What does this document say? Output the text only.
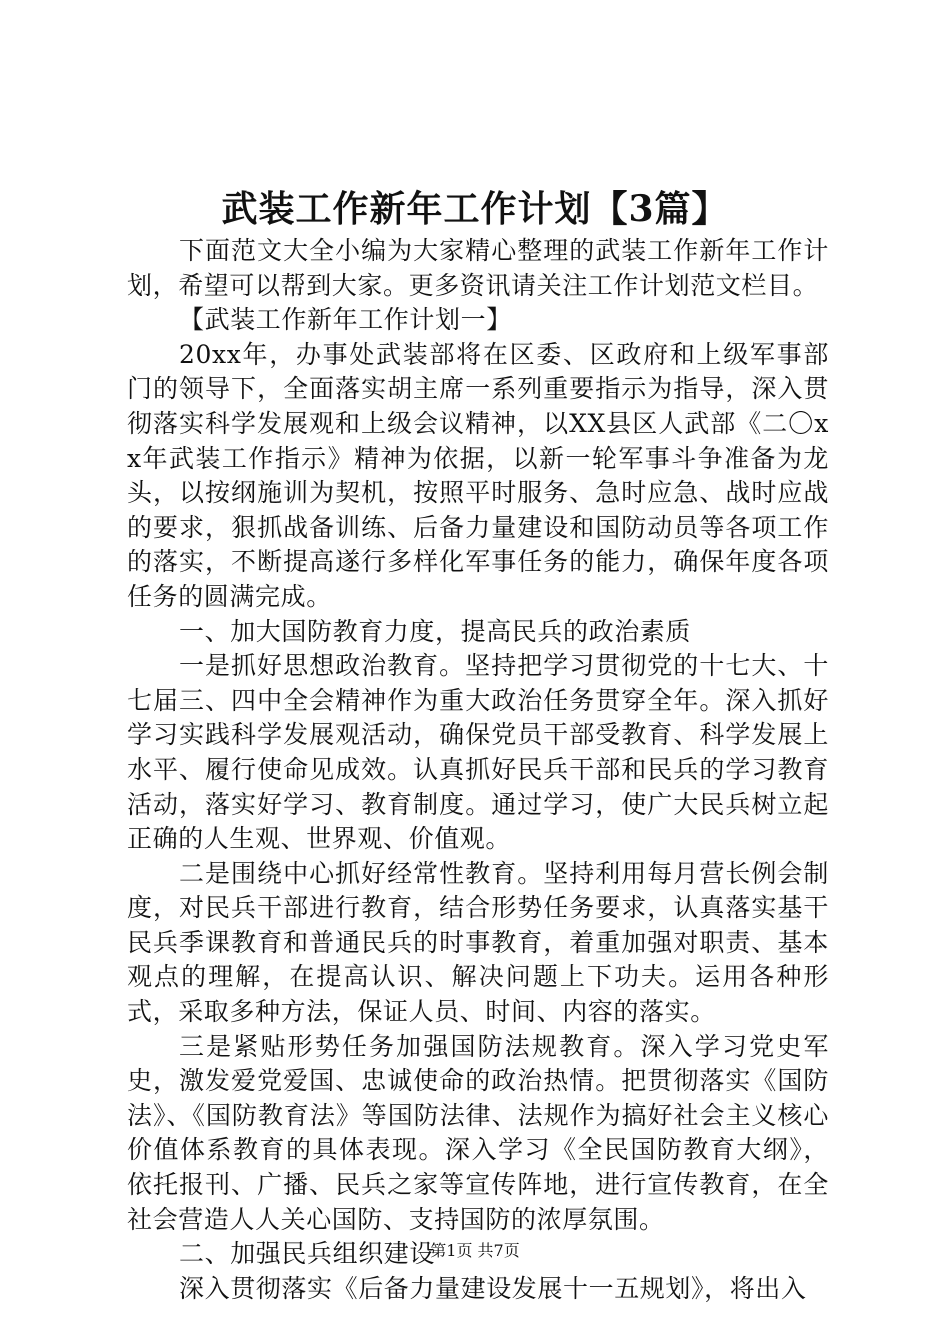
武装工作新年工作计划【3篇】

下面范文大全小编为大家精心整理的武装工作新年工作计划，希望可以帮到大家。更多资讯请关注工作计划范文栏目。

【武装工作新年工作计划一】

20xx年，办事处武装部将在区委、区政府和上级军事部门的领导下，全面落实胡主席一系列重要指示为指导，深入贯彻落实科学发展观和上级会议精神，以XX县区人武部《二〇xx年武装工作指示》精神为依据，以新一轮军事斗争准备为龙头，以按纲施训为契机，按照平时服务、急时应急、战时应战的要求，狠抓战备训练、后备力量建设和国防动员等各项工作的落实，不断提高遂行多样化军事任务的能力，确保年度各项任务的圆满完成。

一、加大国防教育力度，提高民兵的政治素质

一是抓好思想政治教育。坚持把学习贯彻党的十七大、十七届三、四中全会精神作为重大政治任务贯穿全年。深入抓好学习实践科学发展观活动，确保党员干部受教育、科学发展上水平、履行使命见成效。认真抓好民兵干部和民兵的学习教育活动，落实好学习、教育制度。通过学习，使广大民兵树立起正确的人生观、世界观、价值观。

二是围绕中心抓好经常性教育。坚持利用每月营长例会制度，对民兵干部进行教育，结合形势任务要求，认真落实基干民兵季课教育和普通民兵的时事教育，着重加强对职责、基本观点的理解，在提高认识、解决问题上下功夫。运用各种形式，采取多种方法，保证人员、时间、内容的落实。

三是紧贴形势任务加强国防法规教育。深入学习党史军史，激发爱党爱国、忠诚使命的政治热情。把贯彻落实《国防法》、《国防教育法》等国防法律、法规作为搞好社会主义核心价值体系教育的具体表现。深入学习《全民国防教育大纲》，依托报刊、广播、民兵之家等宣传阵地，进行宣传教育，在全社会营造人人关心国防、支持国防的浓厚氛围。

二、加强民兵组织建设

深入贯彻落实《后备力量建设发展十一五规划》，将出入

第1页 共7页
